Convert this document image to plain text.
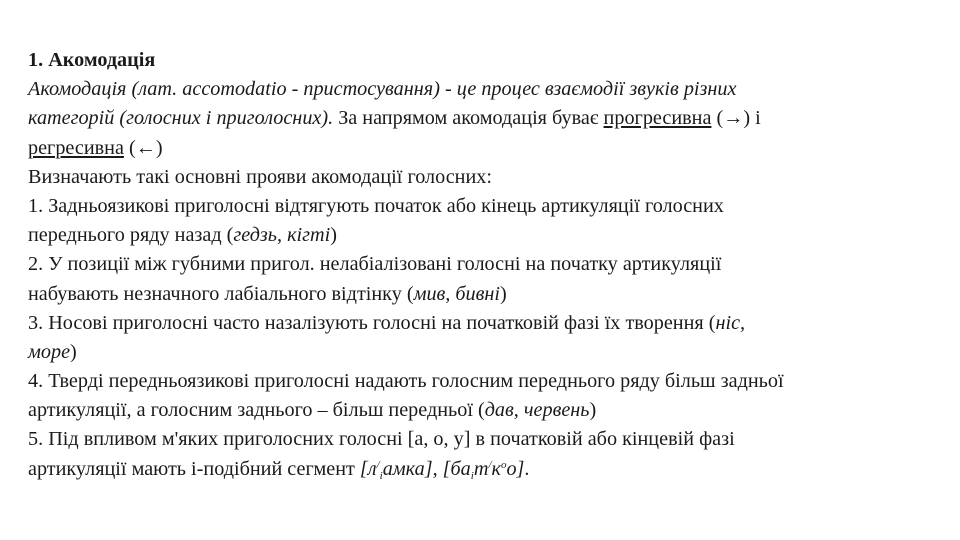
1. Акомодація
Акомодація (лат. accomodatio - пристосування) - це процес взаємодії звуків різних
категорій (голосних і приголосних). За напрямом акомодація буває прогресивна (→) і
регресивна (←)
Визначають такі основні прояви акомодації голосних:
1. Задньоязикові приголосні відтягують початок або кінець артикуляції голосних
переднього ряду назад (гедзь, кігті)
2. У позиції між губними пригол. нелабіалізовані голосні на початку артикуляції
набувають незначного лабіального відтінку (мив, бивні)
3. Носові приголосні часто назалізують голосні на початковій фазі їх творення (ніс,
море)
4. Тверді передньоязикові приголосні надають голосним переднього ряду більш задньої
артикуляції, а голосним заднього – більш передньої (дав, червень)
5. Під впливом м'яких приголосних голосні [а, о, у] в початковій або кінцевій фазі
артикуляції мають і-подібний сегмент $[л^/_іамка]$, $[ба_іт^/к^оо]$.
